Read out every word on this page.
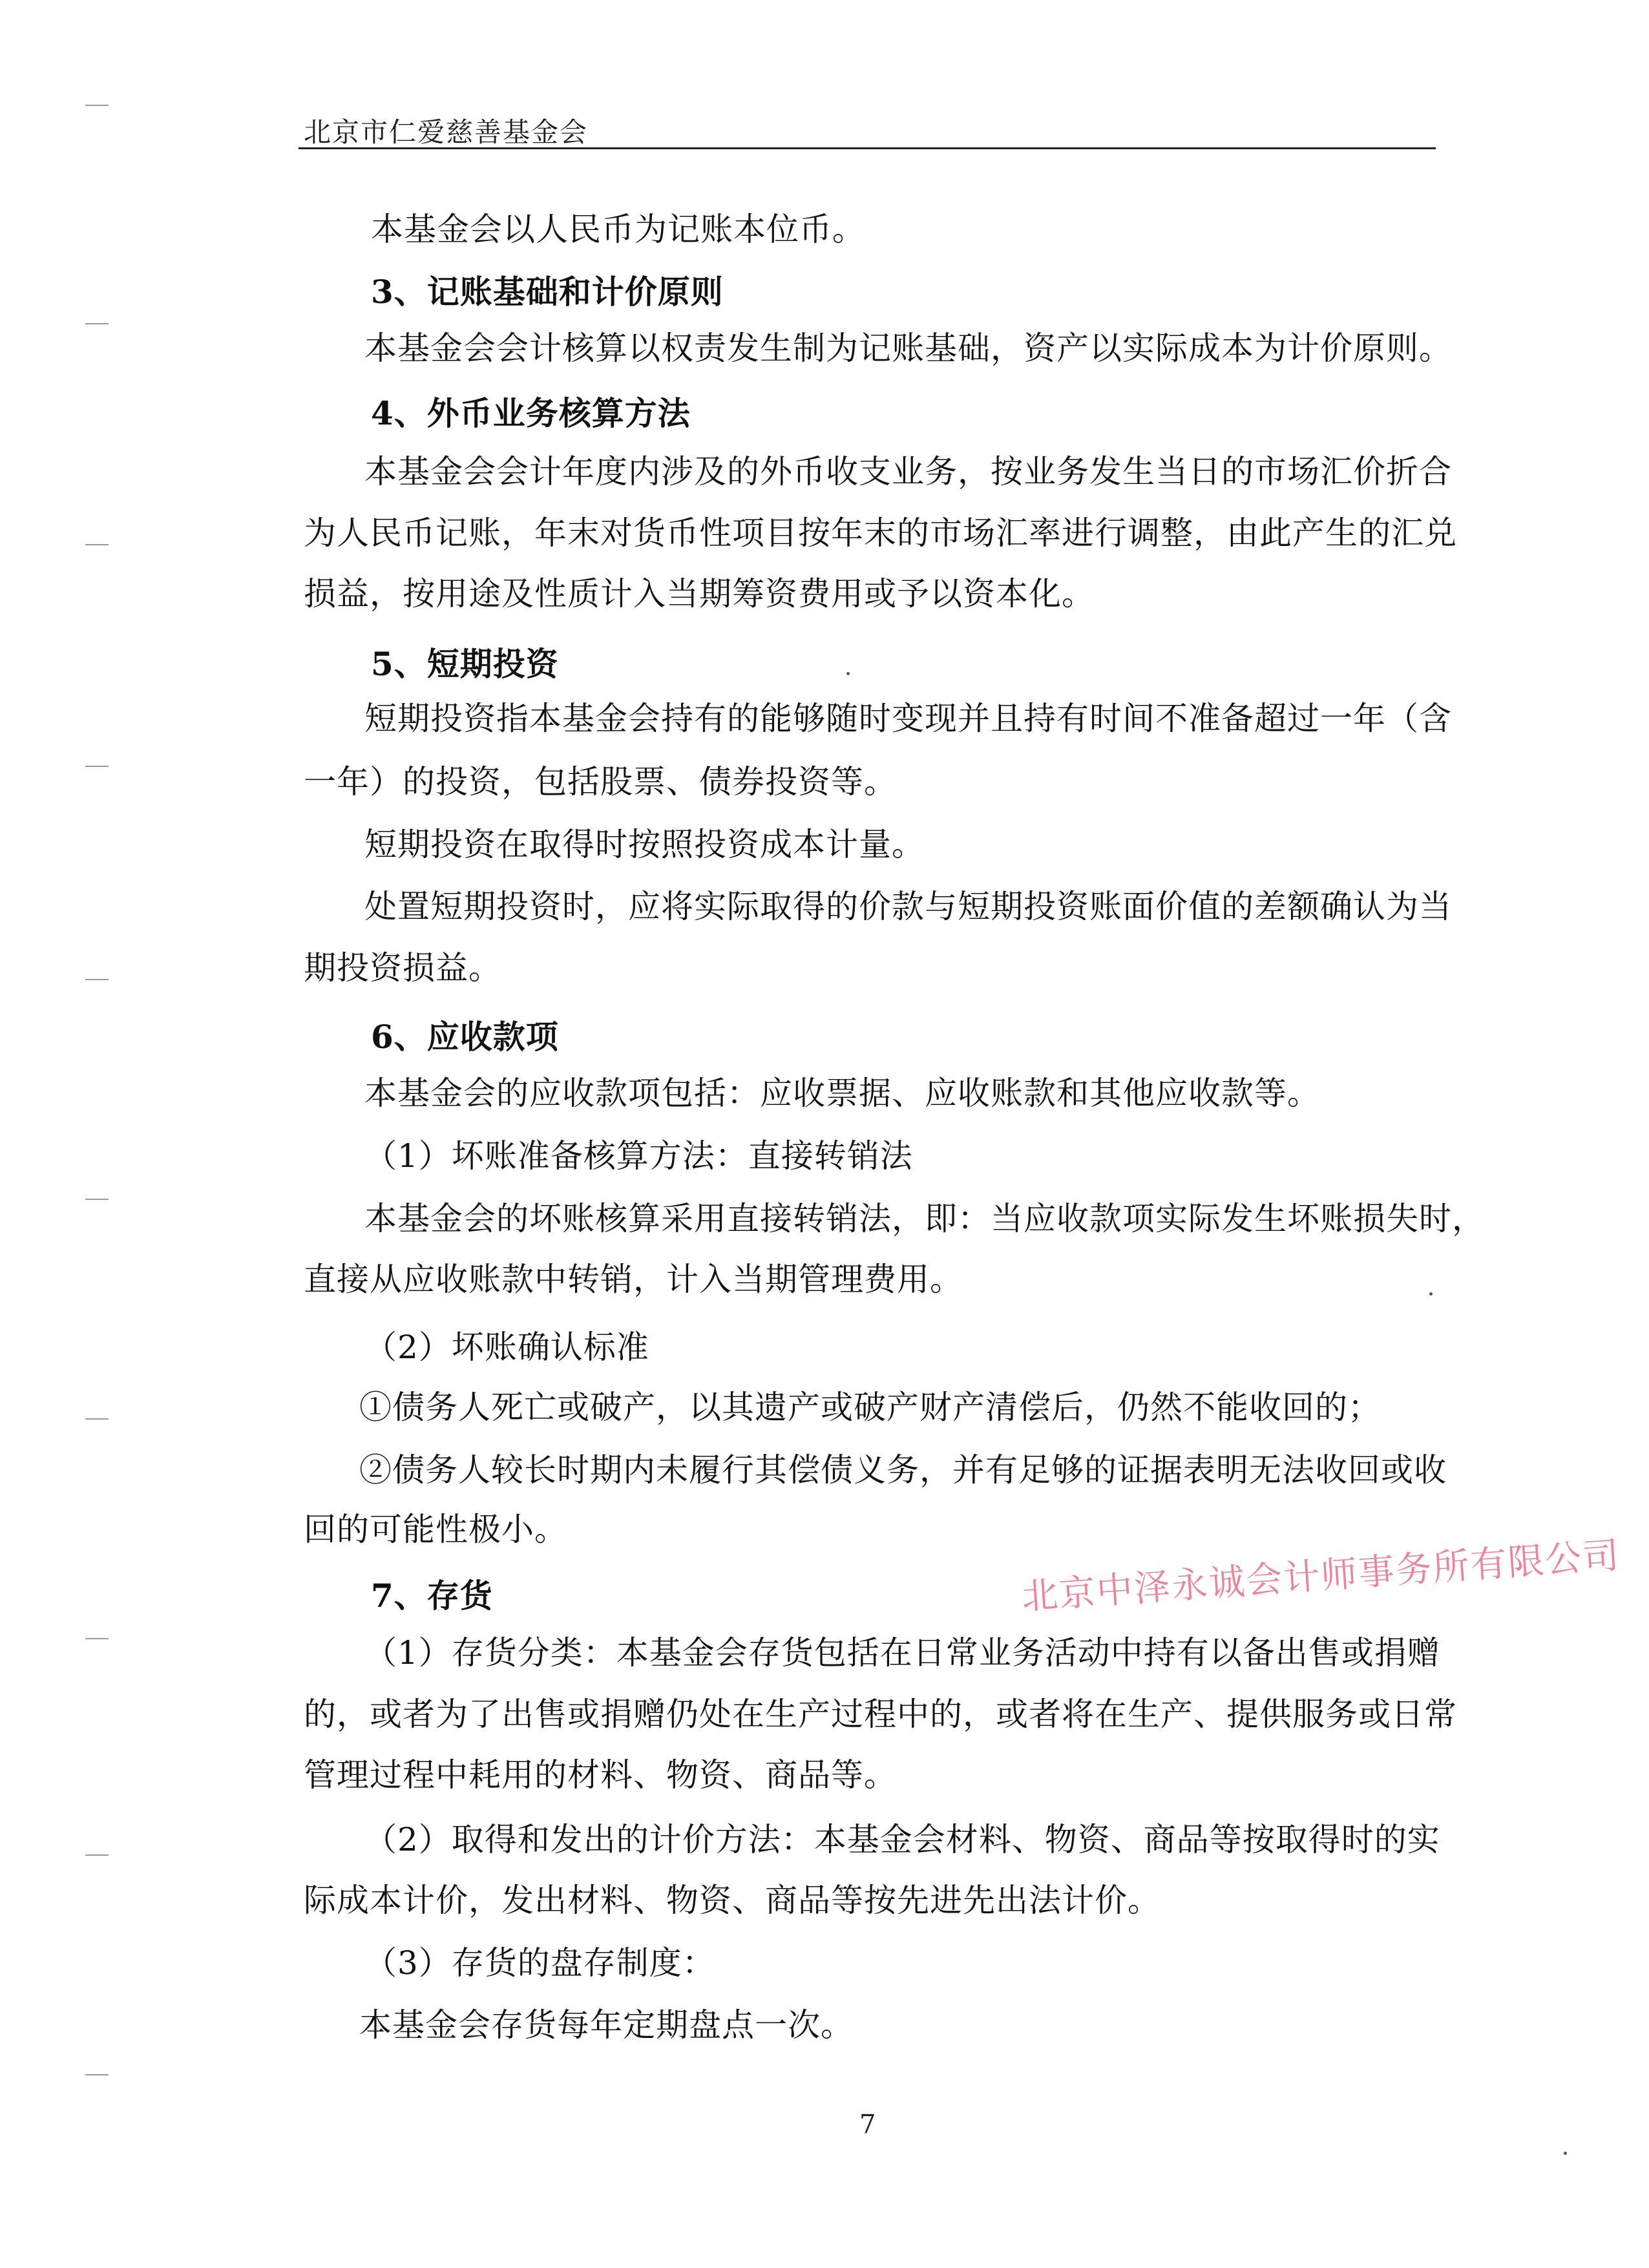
北京市仁爱慈善基金会
本基金会以人民币为记账本位币。
3、记账基础和计价原则
本基金会会计核算以权责发生制为记账基础，资产以实际成本为计价原则。
4、外币业务核算方法
本基金会会计年度内涉及的外币收支业务，按业务发生当日的市场汇价折合
为人民币记账，年末对货币性项目按年末的市场汇率进行调整，由此产生的汇兑
损益，按用途及性质计入当期筹资费用或予以资本化。
5、短期投资
短期投资指本基金会持有的能够随时变现并且持有时间不准备超过一年（含
一年）的投资，包括股票、债券投资等。
短期投资在取得时按照投资成本计量。
处置短期投资时，应将实际取得的价款与短期投资账面价值的差额确认为当
期投资损益。
6、应收款项
本基金会的应收款项包括：应收票据、应收账款和其他应收款等。
（1）坏账准备核算方法：直接转销法
本基金会的坏账核算采用直接转销法，即：当应收款项实际发生坏账损失时，
直接从应收账款中转销，计入当期管理费用。
（2）坏账确认标准
①债务人死亡或破产，以其遗产或破产财产清偿后，仍然不能收回的；
②债务人较长时期内未履行其偿债义务，并有足够的证据表明无法收回或收
回的可能性极小。
7、存货
（1）存货分类：本基金会存货包括在日常业务活动中持有以备出售或捐赠
的，或者为了出售或捐赠仍处在生产过程中的，或者将在生产、提供服务或日常
管理过程中耗用的材料、物资、商品等。
（2）取得和发出的计价方法：本基金会材料、物资、商品等按取得时的实
际成本计价，发出材料、物资、商品等按先进先出法计价。
（3）存货的盘存制度：
本基金会存货每年定期盘点一次。
北京中泽永诚会计师事务所有限公司
7
